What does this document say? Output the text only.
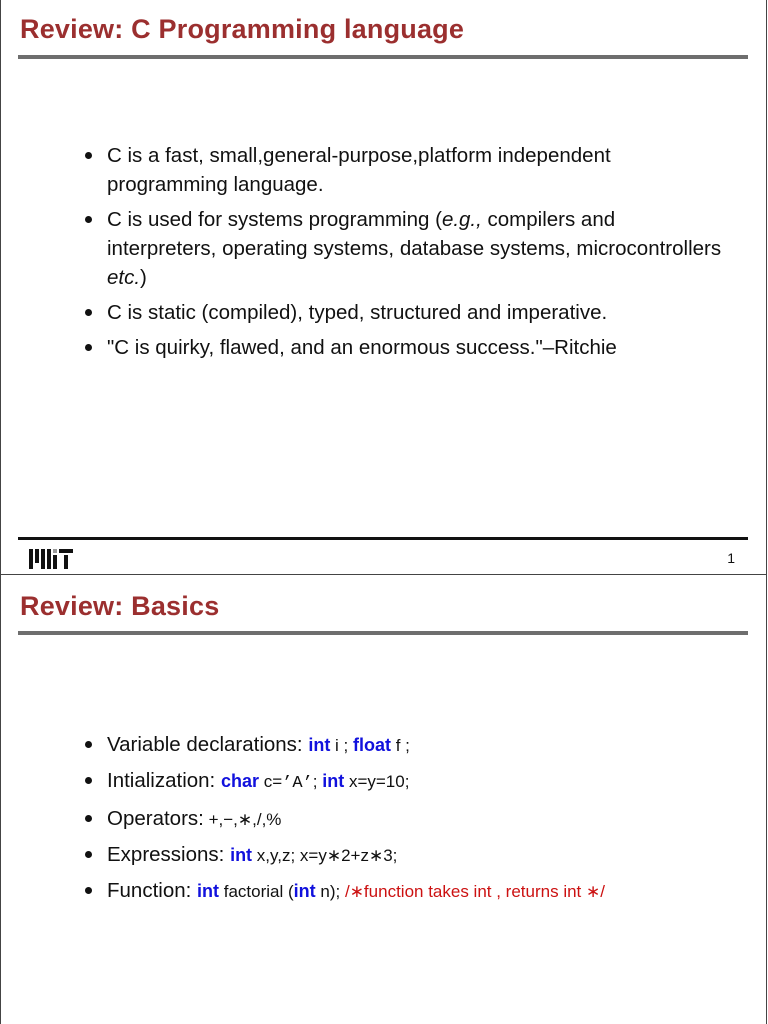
Review: C Programming language
C is a fast, small,general-purpose,platform independent programming language.
C is used for systems programming (e.g., compilers and interpreters, operating systems, database systems, microcontrollers etc.)
C is static (compiled), typed, structured and imperative.
"C is quirky, flawed, and an enormous success."–Ritchie
1
Review: Basics
Variable declarations: int i ; float f ;
Intialization: char c=’A’; int x=y=10;
Operators: +,−,∗,/,%
Expressions: int x,y,z; x=y∗2+z∗3;
Function: int factorial (int n); /∗function takes int , returns int ∗/
